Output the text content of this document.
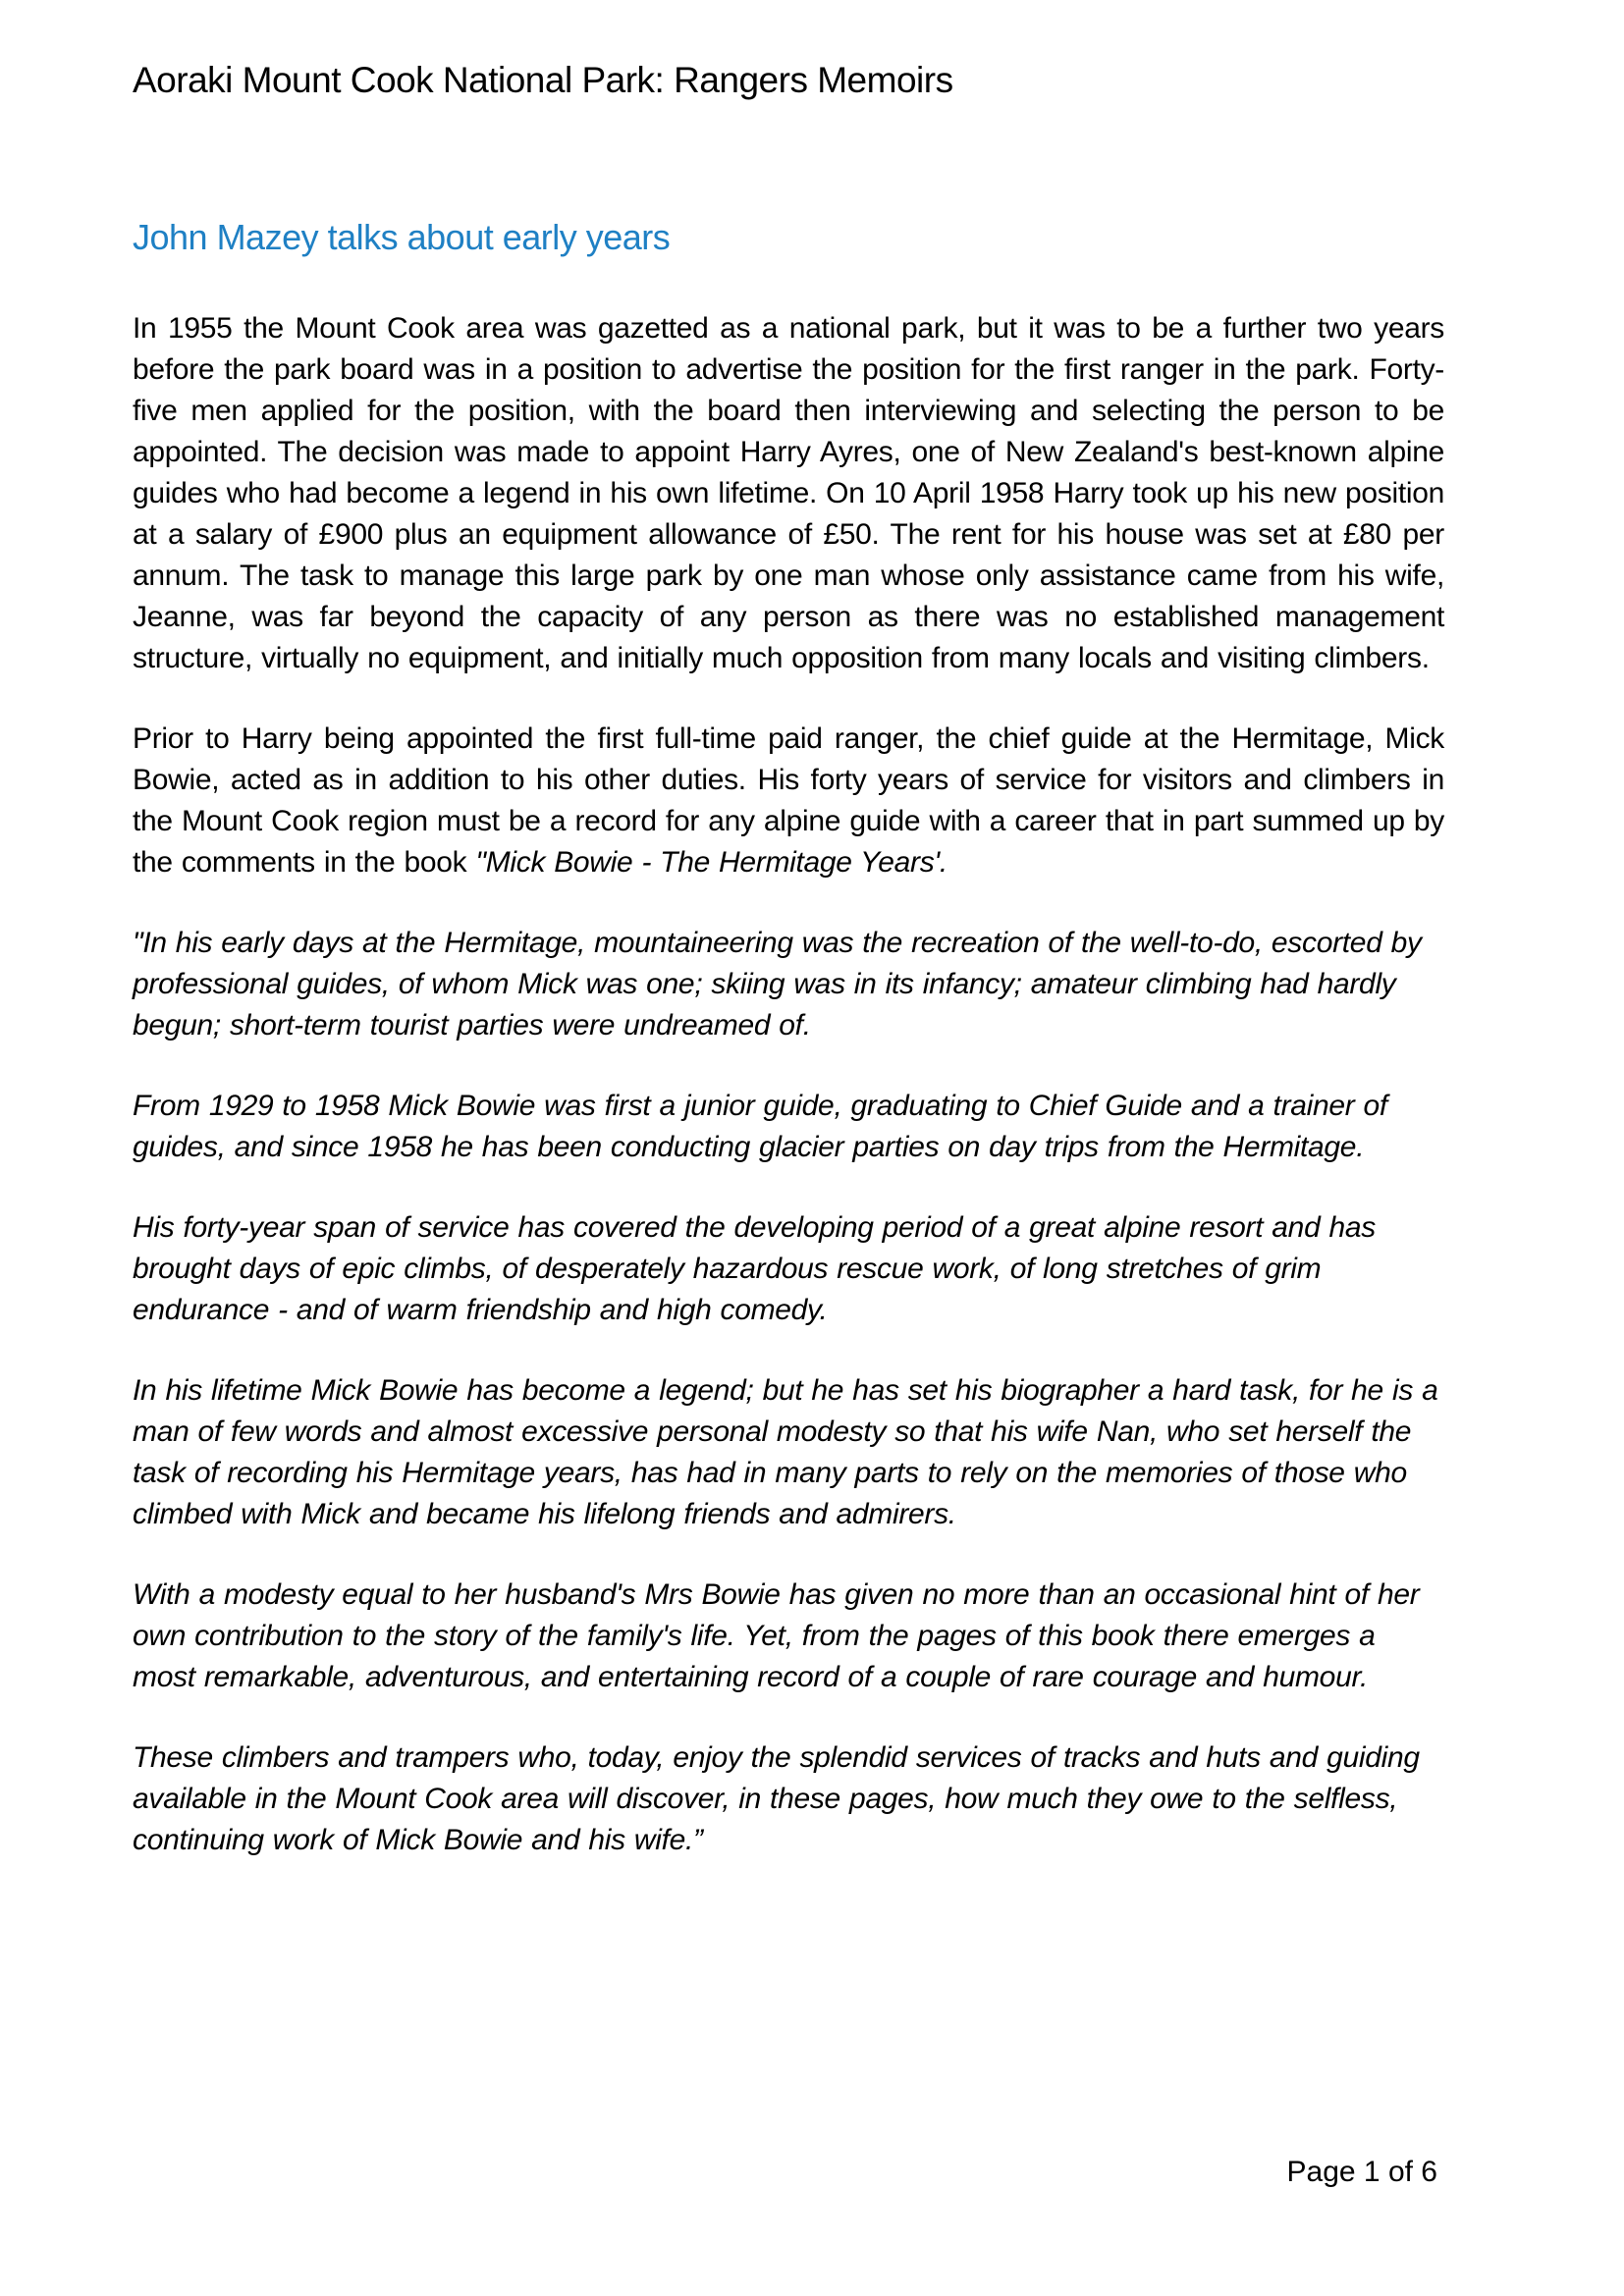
Aoraki Mount Cook National Park: Rangers Memoirs
John Mazey talks about early years

In 1955 the Mount Cook area was gazetted as a national park, but it was to be a further two years before the park board was in a position to advertise the position for the first ranger in the park. Forty-five men applied for the position, with the board then interviewing and selecting the person to be appointed. The decision was made to appoint Harry Ayres, one of New Zealand's best-known alpine guides who had become a legend in his own lifetime. On 10 April 1958 Harry took up his new position at a salary of £900 plus an equipment allowance of £50. The rent for his house was set at £80 per annum. The task to manage this large park by one man whose only assistance came from his wife, Jeanne, was far beyond the capacity of any person as there was no established management structure, virtually no equipment, and initially much opposition from many locals and visiting climbers.

Prior to Harry being appointed the first full-time paid ranger, the chief guide at the Hermitage, Mick Bowie, acted as in addition to his other duties. His forty years of service for visitors and climbers in the Mount Cook region must be a record for any alpine guide with a career that in part summed up by the comments in the book "Mick Bowie - The Hermitage Years'.

"In his early days at the Hermitage, mountaineering was the recreation of the well-to-do, escorted by professional guides, of whom Mick was one; skiing was in its infancy; amateur climbing had hardly begun; short-term tourist parties were undreamed of.

From 1929 to 1958 Mick Bowie was first a junior guide, graduating to Chief Guide and a trainer of guides, and since 1958 he has been conducting glacier parties on day trips from the Hermitage.

His forty-year span of service has covered the developing period of a great alpine resort and has brought days of epic climbs, of desperately hazardous rescue work, of long stretches of grim endurance - and of warm friendship and high comedy.

In his lifetime Mick Bowie has become a legend; but he has set his biographer a hard task, for he is a man of few words and almost excessive personal modesty so that his wife Nan, who set herself the task of recording his Hermitage years, has had in many parts to rely on the memories of those who climbed with Mick and became his lifelong friends and admirers.

With a modesty equal to her husband's Mrs Bowie has given no more than an occasional hint of her own contribution to the story of the family's life. Yet, from the pages of this book there emerges a most remarkable, adventurous, and entertaining record of a couple of rare courage and humour.

These climbers and trampers who, today, enjoy the splendid services of tracks and huts and guiding available in the Mount Cook area will discover, in these pages, how much they owe to the selfless, continuing work of Mick Bowie and his wife.”

Page 1 of 6
